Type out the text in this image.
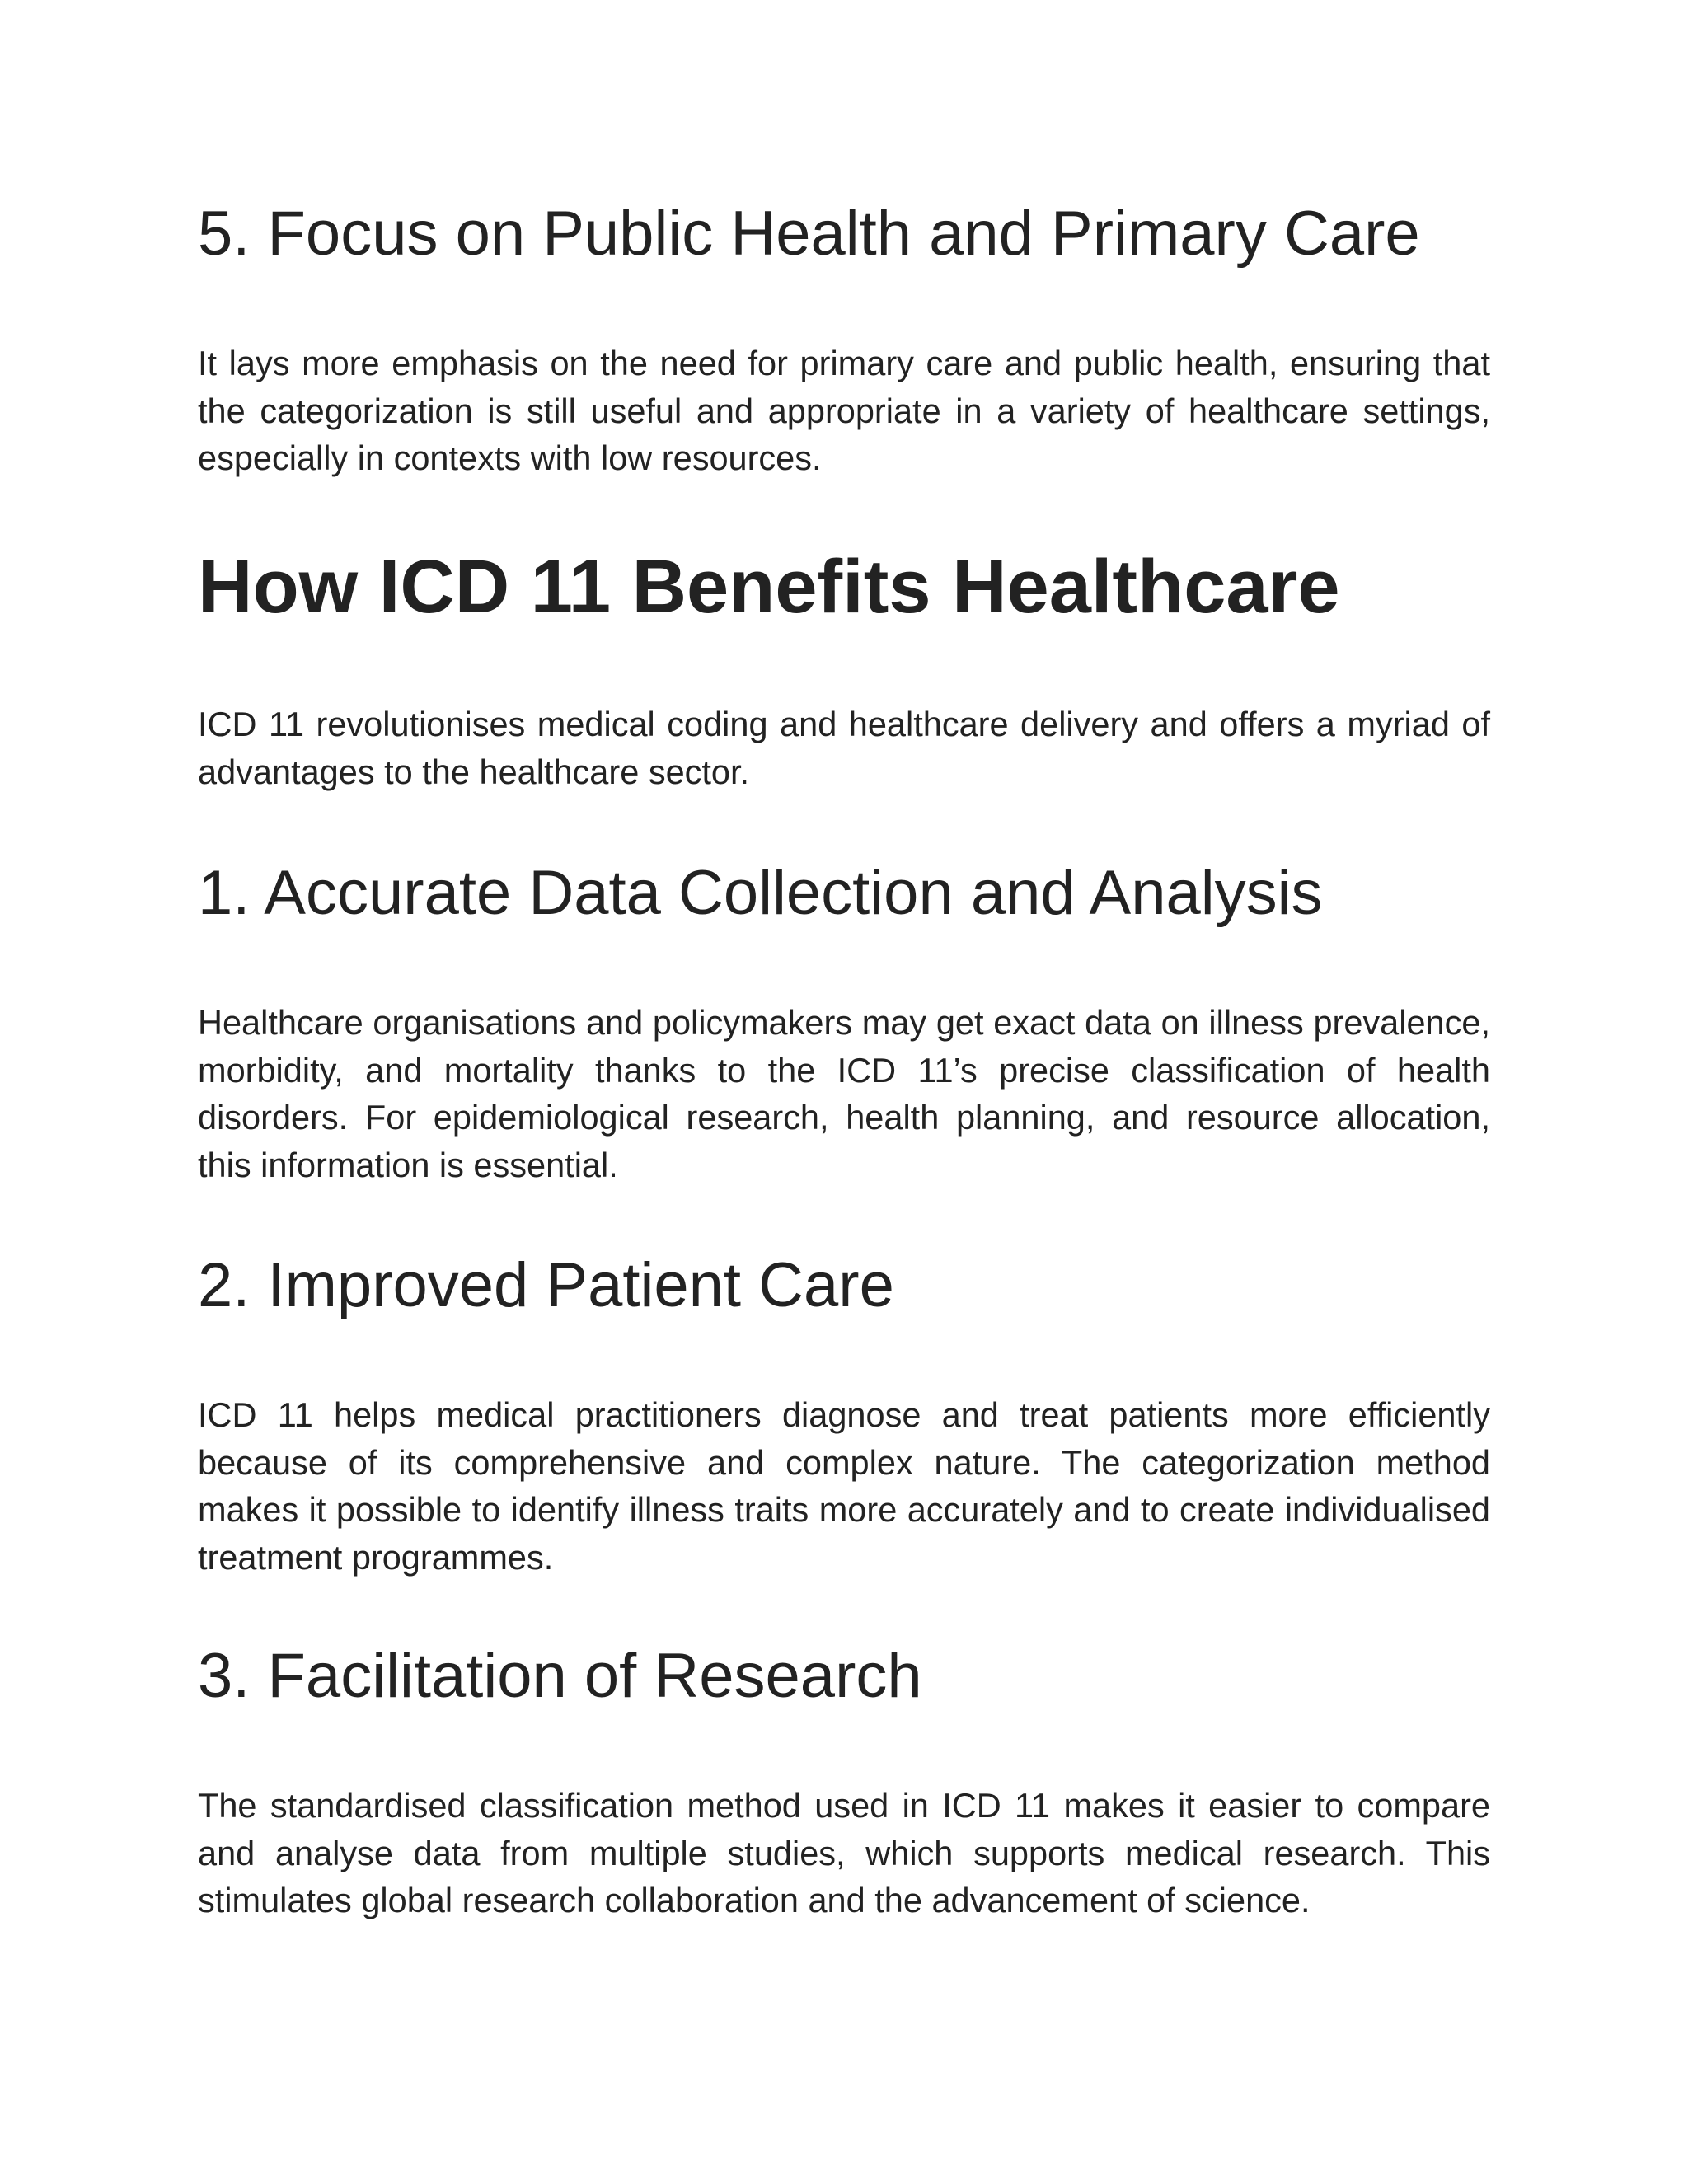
5. Focus on Public Health and Primary Care

It lays more emphasis on the need for primary care and public health, ensuring that the categorization is still useful and appropriate in a variety of healthcare settings, especially in contexts with low resources.

How ICD 11 Benefits Healthcare

ICD 11 revolutionises medical coding and healthcare delivery and offers a myriad of advantages to the healthcare sector.

1. Accurate Data Collection and Analysis

Healthcare organisations and policymakers may get exact data on illness prevalence, morbidity, and mortality thanks to the ICD 11’s precise classification of health disorders. For epidemiological research, health planning, and resource allocation, this information is essential.

2. Improved Patient Care

ICD 11 helps medical practitioners diagnose and treat patients more efficiently because of its comprehensive and complex nature. The categorization method makes it possible to identify illness traits more accurately and to create individualised treatment programmes.

3. Facilitation of Research

The standardised classification method used in ICD 11 makes it easier to compare and analyse data from multiple studies, which supports medical research. This stimulates global research collaboration and the advancement of science.
